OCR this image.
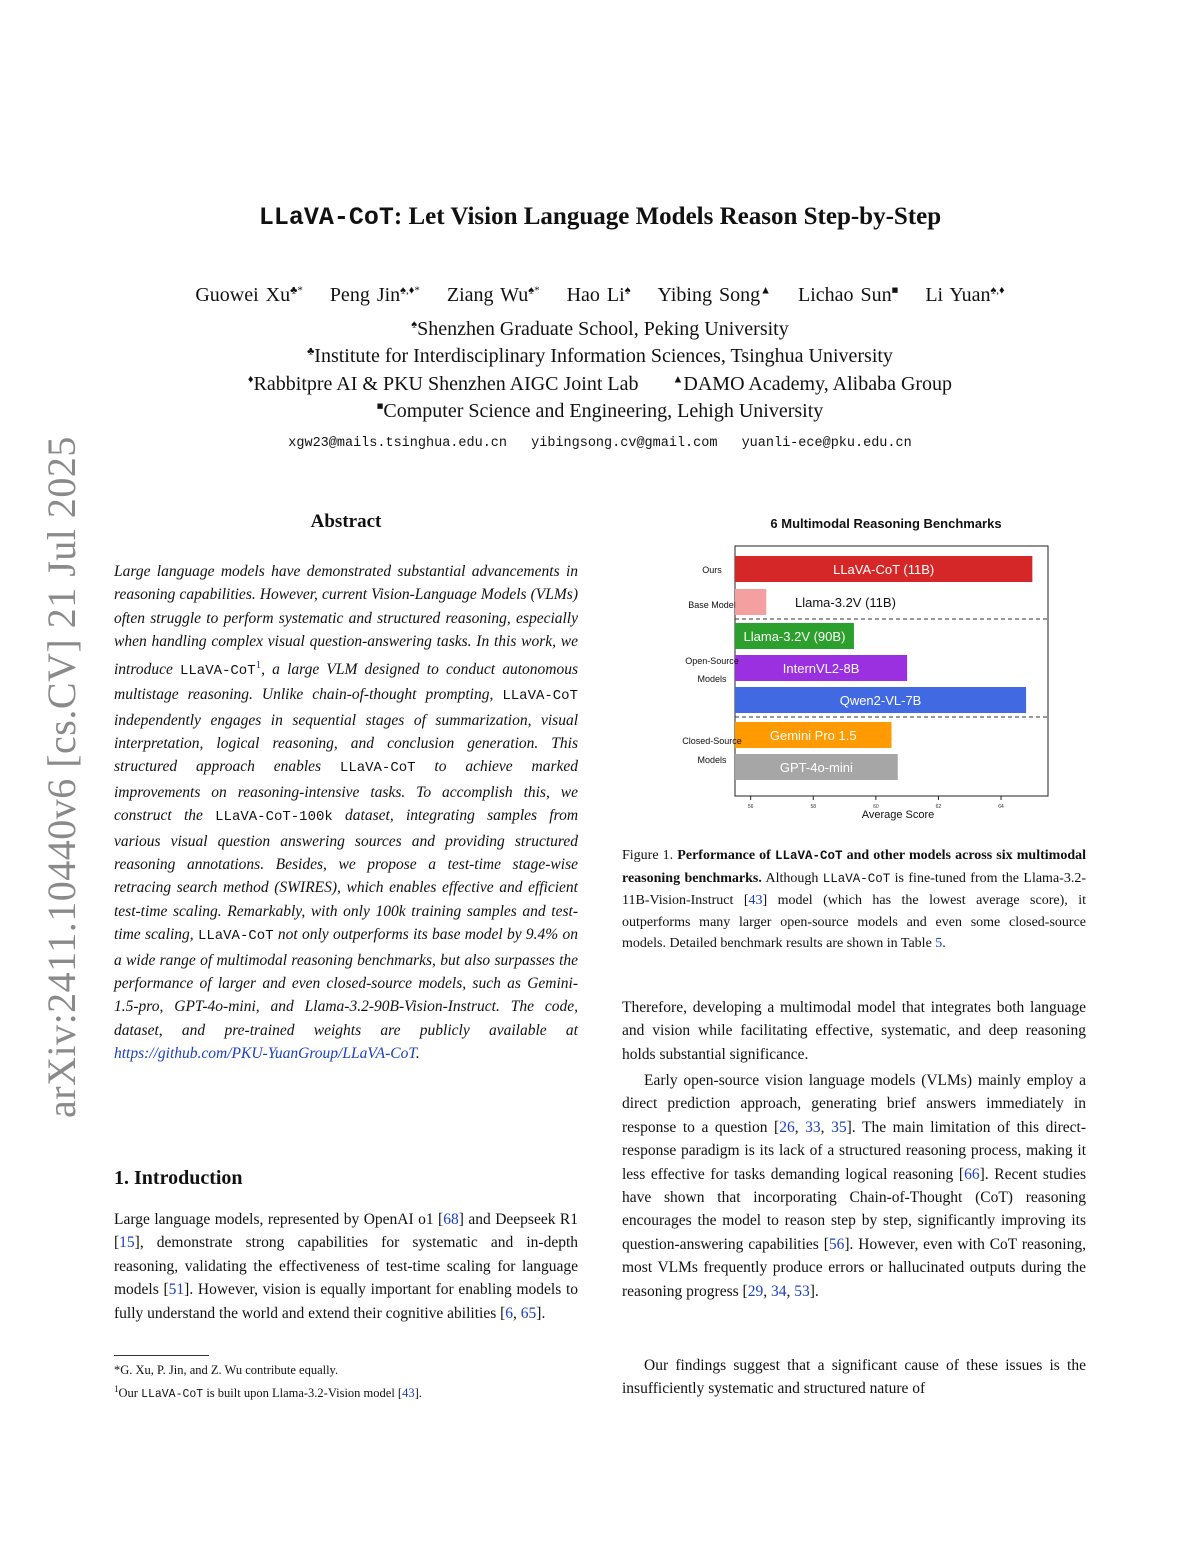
arXiv:2411.10440v6 [cs.CV] 21 Jul 2025
LLaVA-CoT: Let Vision Language Models Reason Step-by-Step
Guowei Xu♣* Peng Jin♠,♦* Ziang Wu♠* Hao Li♠ Yibing Song▲ Lichao Sun■ Li Yuan♠,♦
♠Shenzhen Graduate School, Peking University
♣Institute for Interdisciplinary Information Sciences, Tsinghua University
♦Rabbitpre AI & PKU Shenzhen AIGC Joint Lab	▲DAMO Academy, Alibaba Group
■Computer Science and Engineering, Lehigh University
xgw23@mails.tsinghua.edu.cn yibingsong.cv@gmail.com yuanli-ece@pku.edu.cn
Abstract
Large language models have demonstrated substantial advancements in reasoning capabilities. However, current Vision-Language Models (VLMs) often struggle to perform systematic and structured reasoning, especially when handling complex visual question-answering tasks. In this work, we introduce LLaVA-CoT$^1$, a large VLM designed to conduct autonomous multistage reasoning. Unlike chain-of-thought prompting, LLaVA-CoT independently engages in sequential stages of summarization, visual interpretation, logical reasoning, and conclusion generation. This structured approach enables LLaVA-CoT to achieve marked improvements on reasoning-intensive tasks. To accomplish this, we construct the LLaVA-CoT-100k dataset, integrating samples from various visual question answering sources and providing structured reasoning annotations. Besides, we propose a test-time stage-wise retracing search method (SWIRES), which enables effective and efficient test-time scaling. Remarkably, with only 100k training samples and test-time scaling, LLaVA-CoT not only outperforms its base model by 9.4% on a wide range of multimodal reasoning benchmarks, but also surpasses the performance of larger and even closed-source models, such as Gemini-1.5-pro, GPT-4o-mini, and Llama-3.2-90B-Vision-Instruct. The code, dataset, and pre-trained weights are publicly available at https://github.com/PKU-YuanGroup/LLaVA-CoT.
1. Introduction
Large language models, represented by OpenAI o1 [68] and Deepseek R1 [15], demonstrate strong capabilities for systematic and in-depth reasoning, validating the effectiveness of test-time scaling for language models [51]. However, vision is equally important for enabling models to fully understand the world and extend their cognitive abilities [6, 65].
*G. Xu, P. Jin, and Z. Wu contribute equally.
$^1$Our LLaVA-CoT is built upon Llama-3.2-Vision model [43].
6 Multimodal Reasoning Benchmarks
LLaVA-CoT (11B)
Llama-3.2V (11B)
Llama-3.2V (90B)
InternVL2-8B
Qwen2-VL-7B
Gemini Pro 1.5
GPT-4o-mini
Ours
Base Model
Open-Source
Models
Closed-Source
Models
56	58	60	62	64
Average Score
Figure 1. Performance of LLaVA-CoT and other models across six multimodal reasoning benchmarks. Although LLaVA-CoT is fine-tuned from the Llama-3.2-11B-Vision-Instruct [43] model (which has the lowest average score), it outperforms many larger open-source models and even some closed-source models. Detailed benchmark results are shown in Table 5.
Therefore, developing a multimodal model that integrates both language and vision while facilitating effective, systematic, and deep reasoning holds substantial significance.
Early open-source vision language models (VLMs) mainly employ a direct prediction approach, generating brief answers immediately in response to a question [26, 33, 35]. The main limitation of this direct-response paradigm is its lack of a structured reasoning process, making it less effective for tasks demanding logical reasoning [66]. Recent studies have shown that incorporating Chain-of-Thought (CoT) reasoning encourages the model to reason step by step, significantly improving its question-answering capabilities [56]. However, even with CoT reasoning, most VLMs frequently produce errors or hallucinated outputs during the reasoning progress [29, 34, 53].
Our findings suggest that a significant cause of these issues is the insufficiently systematic and structured nature of
